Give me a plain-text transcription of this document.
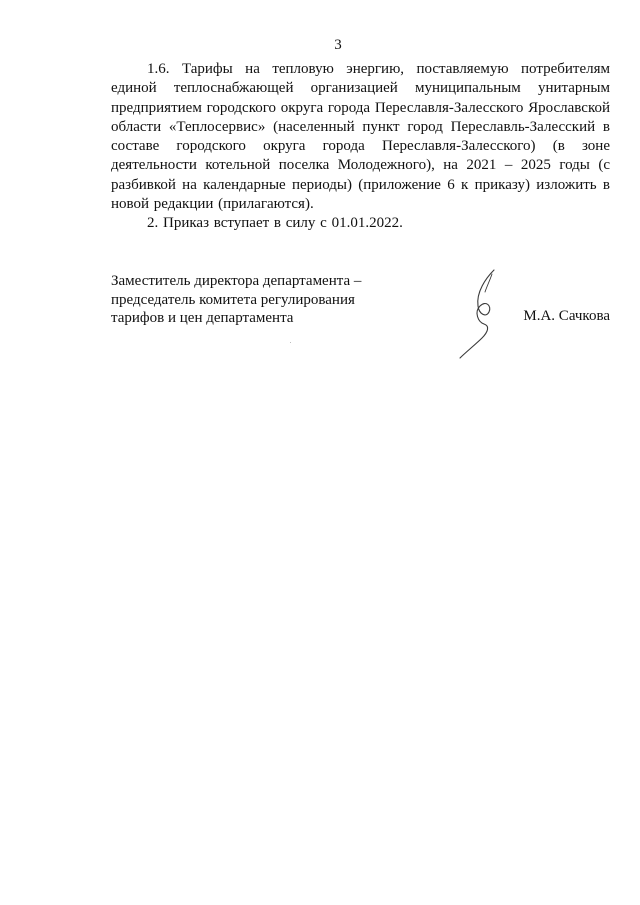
3

1.6. Тарифы на тепловую энергию, поставляемую потребителям единой теплоснабжающей организацией муниципальным унитарным предприятием городского округа города Переславля-Залесского Ярославской области «Теплосервис» (населенный пункт город Переславль-Залесский в составе городского округа города Переславля-Залесского) (в зоне деятельности котельной поселка Молодежного), на 2021 – 2025 годы (с разбивкой на календарные периоды) (приложение 6 к приказу) изложить в новой редакции (прилагаются).

2. Приказ вступает в силу с 01.01.2022.

Заместитель директора департамента –
председатель комитета регулирования
тарифов и цен департамента	М.А. Сачкова
